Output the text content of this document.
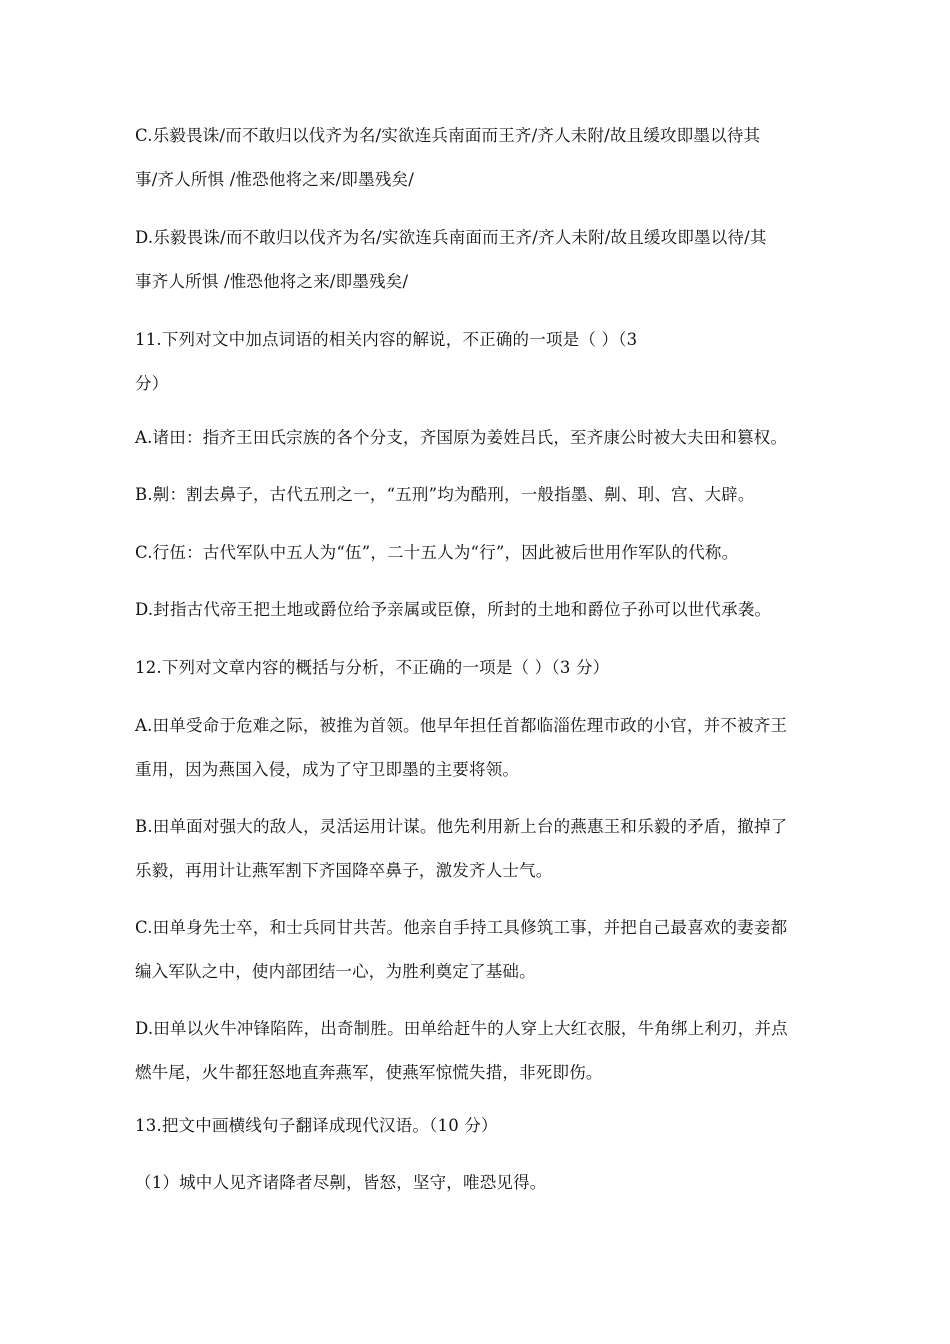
C.乐毅畏诛/而不敢归以伐齐为名/实欲连兵南面而王齐/齐人未附/故且缓攻即墨以待其
事/齐人所惧 /惟恐他将之来/即墨残矣/
D.乐毅畏诛/而不敢归以伐齐为名/实欲连兵南面而王齐/齐人未附/故且缓攻即墨以待/其
事齐人所惧 /惟恐他将之来/即墨残矣/
11.下列对文中加点词语的相关内容的解说，不正确的一项是（ ）（3
分）
A.诸田：指齐王田氏宗族的各个分支，齐国原为姜姓吕氏，至齐康公时被大夫田和篡权。
B.劓：割去鼻子，古代五刑之一，“五刑”均为酷刑，一般指墨、劓、刵、宫、大辟。
C.行伍：古代军队中五人为“伍”，二十五人为“行”，因此被后世用作军队的代称。
D.封指古代帝王把土地或爵位给予亲属或臣僚，所封的土地和爵位子孙可以世代承袭。
12.下列对文章内容的概括与分析，不正确的一项是（ ）（3 分）
A.田单受命于危难之际，被推为首领。他早年担任首都临淄佐理市政的小官，并不被齐王
重用，因为燕国入侵，成为了守卫即墨的主要将领。
B.田单面对强大的敌人，灵活运用计谋。他先利用新上台的燕惠王和乐毅的矛盾，撤掉了
乐毅，再用计让燕军割下齐国降卒鼻子，激发齐人士气。
C.田单身先士卒，和士兵同甘共苦。他亲自手持工具修筑工事，并把自己最喜欢的妻妾都
编入军队之中，使内部团结一心，为胜利奠定了基础。
D.田单以火牛冲锋陷阵，出奇制胜。田单给赶牛的人穿上大红衣服，牛角绑上利刃，并点
燃牛尾，火牛都狂怒地直奔燕军，使燕军惊慌失措，非死即伤。
13.把文中画横线句子翻译成现代汉语。（10 分）
（1）城中人见齐诸降者尽劓，皆怒，坚守，唯恐见得。
